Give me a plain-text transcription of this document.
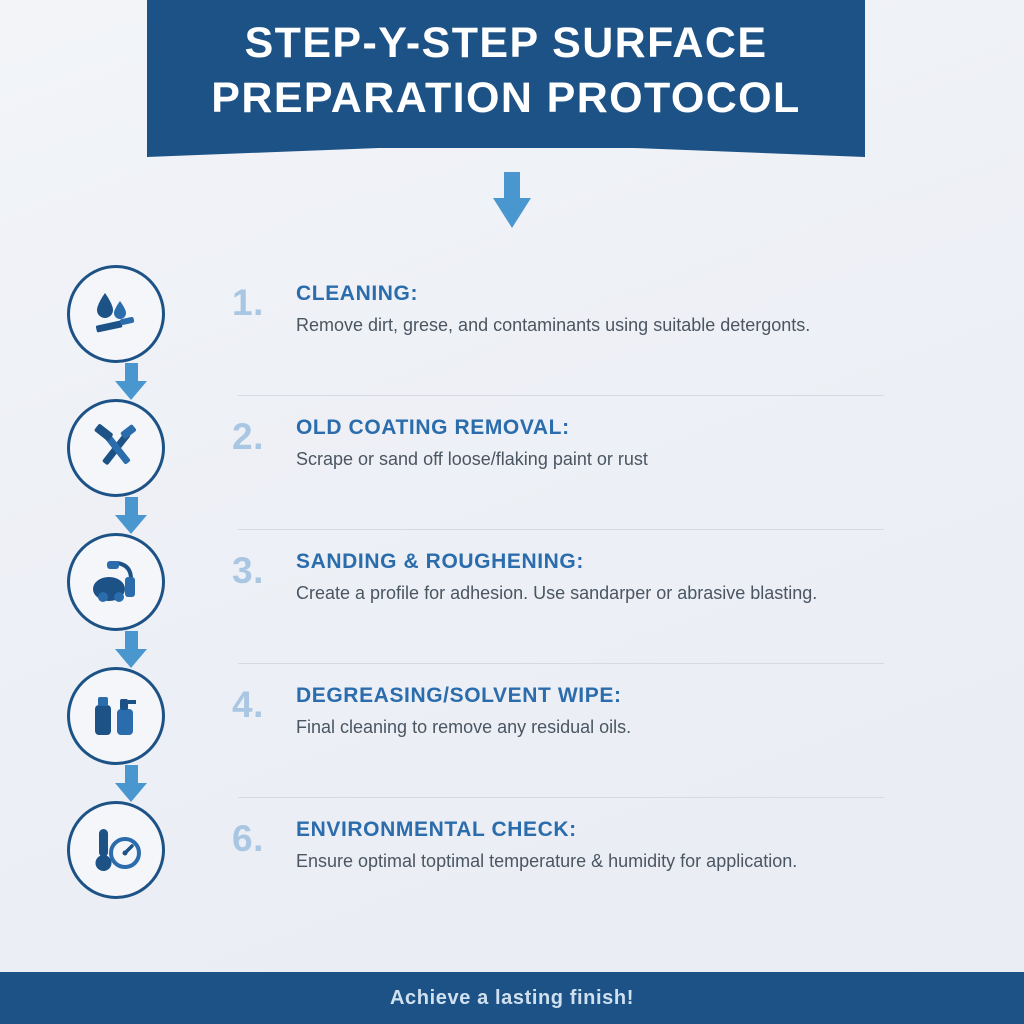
STEP-Y-STEP SURFACE PREPARATION PROTOCOL
1.	CLEANING:

Remove dirt, grese, and contaminants using suitable detergonts.

2.	OLD COATING REMOVAL:

Scrape or sand off loose/flaking paint or rust

3.	SANDING & ROUGHENING:

Create a profile for adhesion. Use sandarper or abrasive blasting.

4.	DEGREASING/SOLVENT WIPE:

Final cleaning to remove any residual oils.

6.	ENVIRONMENTAL CHECK:

Ensure optimal toptimal temperature & humidity for application.

Achieve a lasting finish!
